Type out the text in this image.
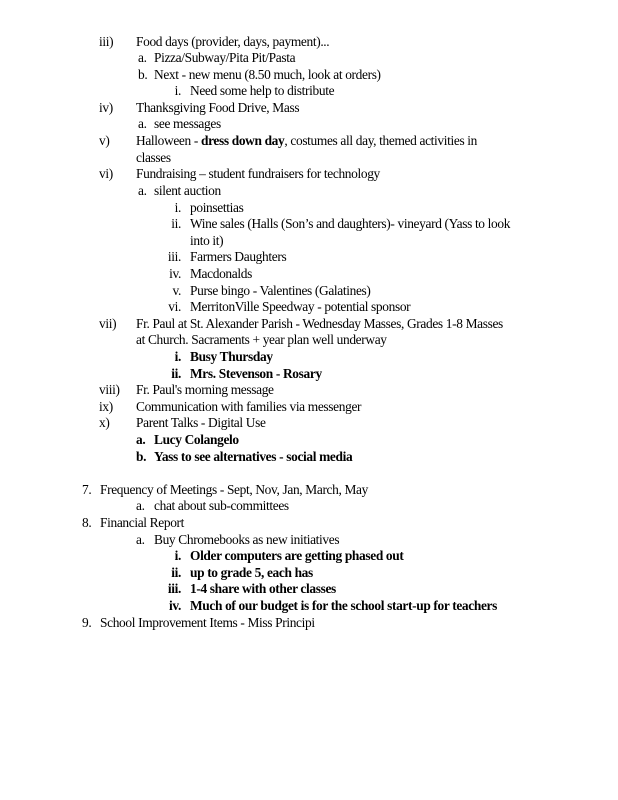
iii) Food days (provider, days, payment)...
a. Pizza/Subway/Pita Pit/Pasta
b. Next - new menu (8.50 much, look at orders)
i. Need some help to distribute
iv) Thanksgiving Food Drive, Mass
a. see messages
v) Halloween - dress down day, costumes all day, themed activities in
classes
vi) Fundraising – student fundraisers for technology
a. silent auction
i. poinsettias
ii. Wine sales (Halls (Son’s and daughters)- vineyard (Yass to look
into it)
iii. Farmers Daughters
iv. Macdonalds
v. Purse bingo - Valentines (Galatines)
vi. MerritonVille Speedway - potential sponsor
vii) Fr. Paul at St. Alexander Parish - Wednesday Masses, Grades 1-8 Masses
at Church. Sacraments + year plan well underway
i. Busy Thursday
ii. Mrs. Stevenson - Rosary
viii) Fr. Paul's morning message
ix) Communication with families via messenger
x) Parent Talks - Digital Use
a. Lucy Colangelo
b. Yass to see alternatives - social media
7. Frequency of Meetings - Sept, Nov, Jan, March, May
a. chat about sub-committees
8. Financial Report
a. Buy Chromebooks as new initiatives
i. Older computers are getting phased out
ii. up to grade 5, each has
iii. 1-4 share with other classes
iv. Much of our budget is for the school start-up for teachers
9. School Improvement Items - Miss Principi
